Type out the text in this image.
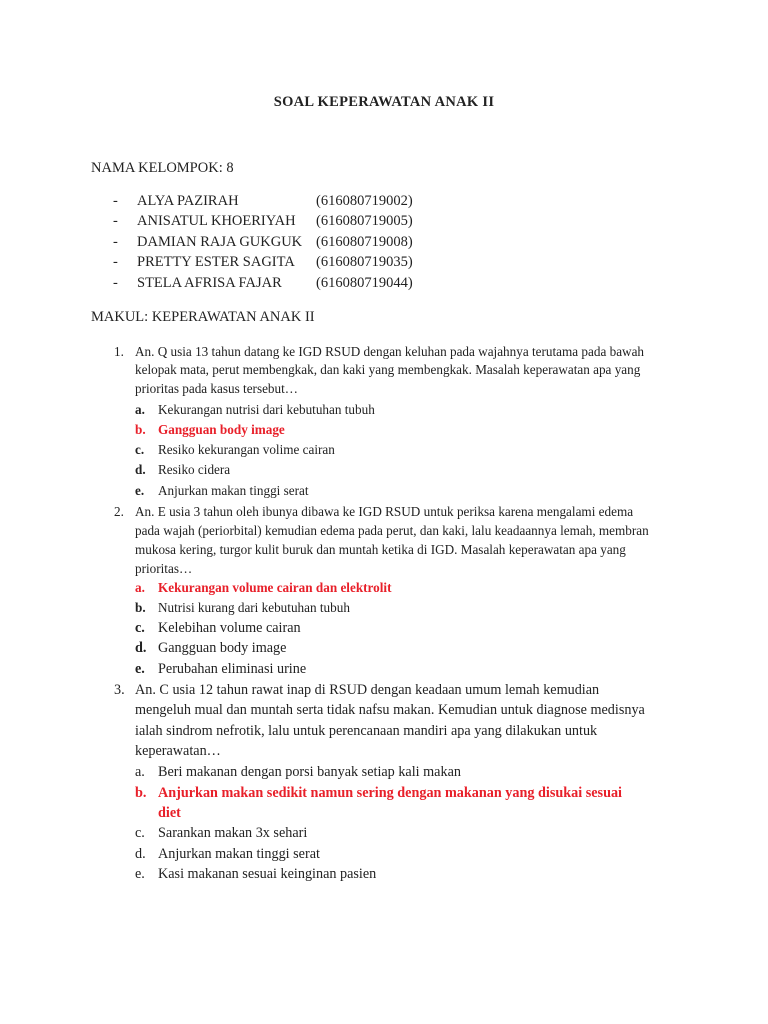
SOAL KEPERAWATAN ANAK II
NAMA KELOMPOK: 8
- ALYA PAZIRAH	(616080719002)
- ANISATUL KHOERIYAH (616080719005)
- DAMIAN RAJA GUKGUK (616080719008)
- PRETTY ESTER SAGITA (616080719035)
- STELA AFRISA FAJAR (616080719044)
MAKUL: KEPERAWATAN ANAK II
1. An. Q usia 13 tahun datang ke IGD RSUD dengan keluhan pada wajahnya terutama pada bawah
kelopak mata, perut membengkak, dan kaki yang membengkak. Masalah keperawatan apa yang
prioritas pada kasus tersebut…
a. Kekurangan nutrisi dari kebutuhan tubuh
b. Gangguan body image
c. Resiko kekurangan volime cairan
d. Resiko cidera
e. Anjurkan makan tinggi serat
2. An. E usia 3 tahun oleh ibunya dibawa ke IGD RSUD untuk periksa karena mengalami edema
pada wajah (periorbital) kemudian edema pada perut, dan kaki, lalu keadaannya lemah, membran
mukosa kering, turgor kulit buruk dan muntah ketika di IGD. Masalah keperawatan apa yang
prioritas…
a. Kekurangan volume cairan dan elektrolit
b. Nutrisi kurang dari kebutuhan tubuh
c. Kelebihan volume cairan
d. Gangguan body image
e. Perubahan eliminasi urine
3. An. C usia 12 tahun rawat inap di RSUD dengan keadaan umum lemah kemudian
mengeluh mual dan muntah serta tidak nafsu makan. Kemudian untuk diagnose medisnya
ialah sindrom nefrotik, lalu untuk perencanaan mandiri apa yang dilakukan untuk
keperawatan…
a. Beri makanan dengan porsi banyak setiap kali makan
b. Anjurkan makan sedikit namun sering dengan makanan yang disukai sesuai
diet
c. Sarankan makan 3x sehari
d. Anjurkan makan tinggi serat
e. Kasi makanan sesuai keinginan pasien
